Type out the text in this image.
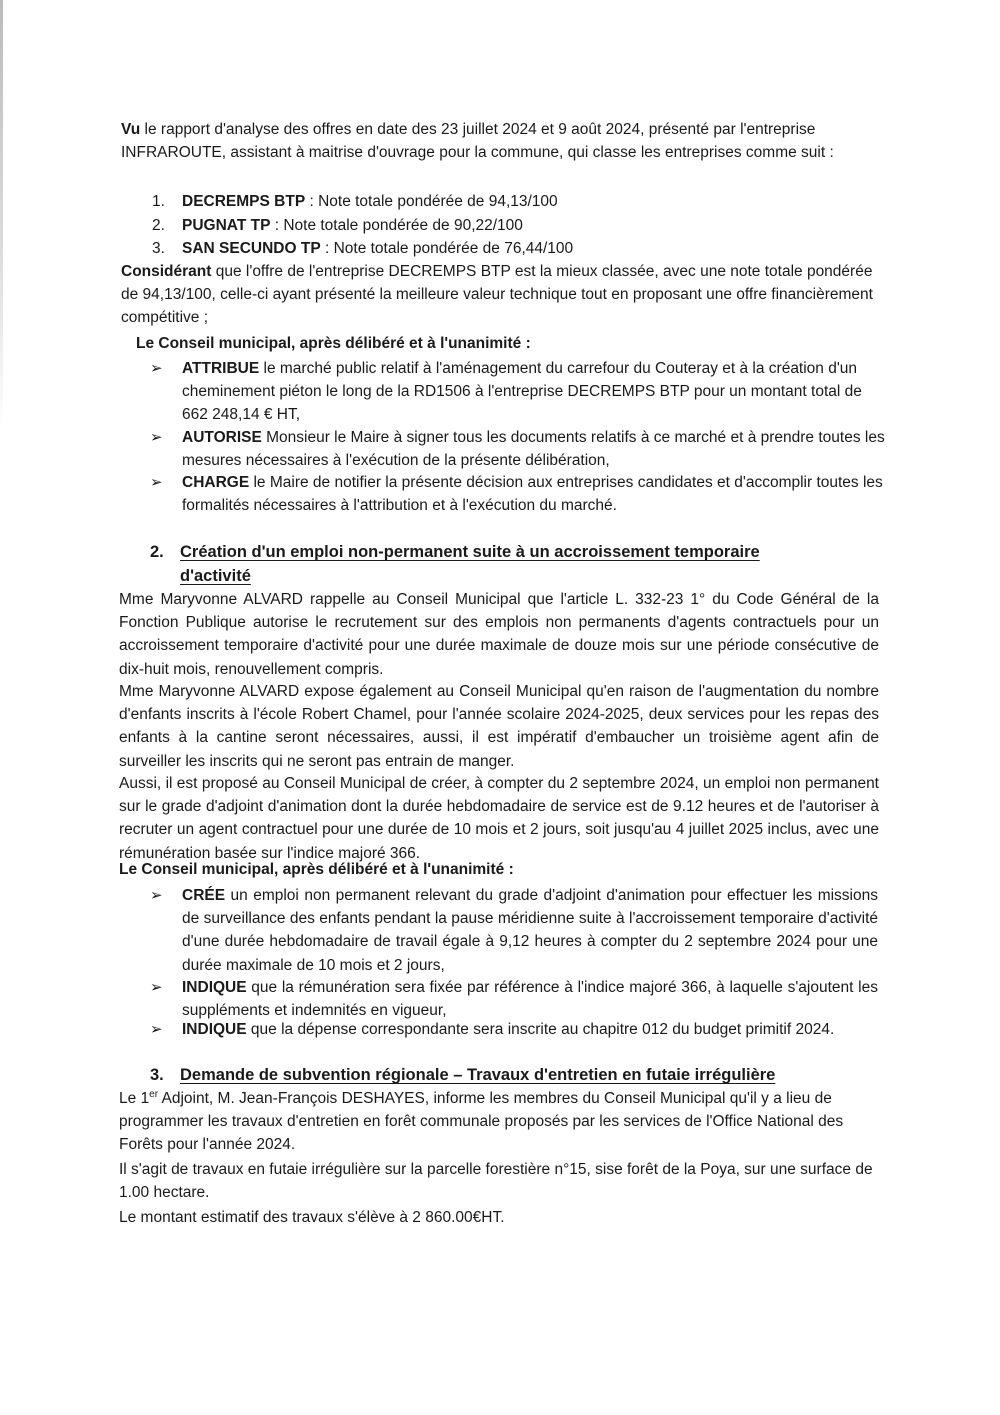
Vu le rapport d'analyse des offres en date des 23 juillet 2024 et 9 août 2024, présenté par l'entreprise INFRAROUTE, assistant à maitrise d'ouvrage pour la commune, qui classe les entreprises comme suit :

1. DECREMPS BTP : Note totale pondérée de 94,13/100
2. PUGNAT TP : Note totale pondérée de 90,22/100
3. SAN SECUNDO TP : Note totale pondérée de 76,44/100

Considérant que l'offre de l'entreprise DECREMPS BTP est la mieux classée, avec une note totale pondérée de 94,13/100, celle-ci ayant présenté la meilleure valeur technique tout en proposant une offre financièrement compétitive ;

Le Conseil municipal, après délibéré et à l'unanimité :
➢	ATTRIBUE le marché public relatif à l'aménagement du carrefour du Couteray et à la création d'un cheminement piéton le long de la RD1506 à l'entreprise DECREMPS BTP pour un montant total de 662 248,14 € HT,
➢	AUTORISE Monsieur le Maire à signer tous les documents relatifs à ce marché et à prendre toutes les mesures nécessaires à l'exécution de la présente délibération,
➢	CHARGE le Maire de notifier la présente décision aux entreprises candidates et d'accomplir toutes les formalités nécessaires à l'attribution et à l'exécution du marché.
2. Création d'un emploi non-permanent suite à un accroissement temporaire
d'activité

Mme Maryvonne ALVARD rappelle au Conseil Municipal que l'article L. 332-23 1° du Code Général de la Fonction Publique autorise le recrutement sur des emplois non permanents d'agents contractuels pour un accroissement temporaire d'activité pour une durée maximale de douze mois sur une période consécutive de dix-huit mois, renouvellement compris.

Mme Maryvonne ALVARD expose également au Conseil Municipal qu'en raison de l'augmentation du nombre d'enfants inscrits à l'école Robert Chamel, pour l'année scolaire 2024-2025, deux services pour les repas des enfants à la cantine seront nécessaires, aussi, il est impératif d'embaucher un troisième agent afin de surveiller les inscrits qui ne seront pas entrain de manger.

Aussi, il est proposé au Conseil Municipal de créer, à compter du 2 septembre 2024, un emploi non permanent sur le grade d'adjoint d'animation dont la durée hebdomadaire de service est de 9.12 heures et de l'autoriser à recruter un agent contractuel pour une durée de 10 mois et 2 jours, soit jusqu'au 4 juillet 2025 inclus, avec une rémunération basée sur l'indice majoré 366.

Le Conseil municipal, après délibéré et à l'unanimité :
➢	CRÉE un emploi non permanent relevant du grade d'adjoint d'animation pour effectuer les missions de surveillance des enfants pendant la pause méridienne suite à l'accroissement temporaire d'activité d'une durée hebdomadaire de travail égale à 9,12 heures à compter du 2 septembre 2024 pour une durée maximale de 10 mois et 2 jours,
➢	INDIQUE que la rémunération sera fixée par référence à l'indice majoré 366, à laquelle s'ajoutent les suppléments et indemnités en vigueur,
➢	INDIQUE que la dépense correspondante sera inscrite au chapitre 012 du budget primitif 2024.
3. Demande de subvention régionale – Travaux d'entretien en futaie irrégulière

Le 1er Adjoint, M. Jean-François DESHAYES, informe les membres du Conseil Municipal qu'il y a lieu de programmer les travaux d'entretien en forêt communale proposés par les services de l'Office National des Forêts pour l'année 2024.

Il s'agit de travaux en futaie irrégulière sur la parcelle forestière n°15, sise forêt de la Poya, sur une surface de 1.00 hectare.

Le montant estimatif des travaux s'élève à 2 860.00€HT.
